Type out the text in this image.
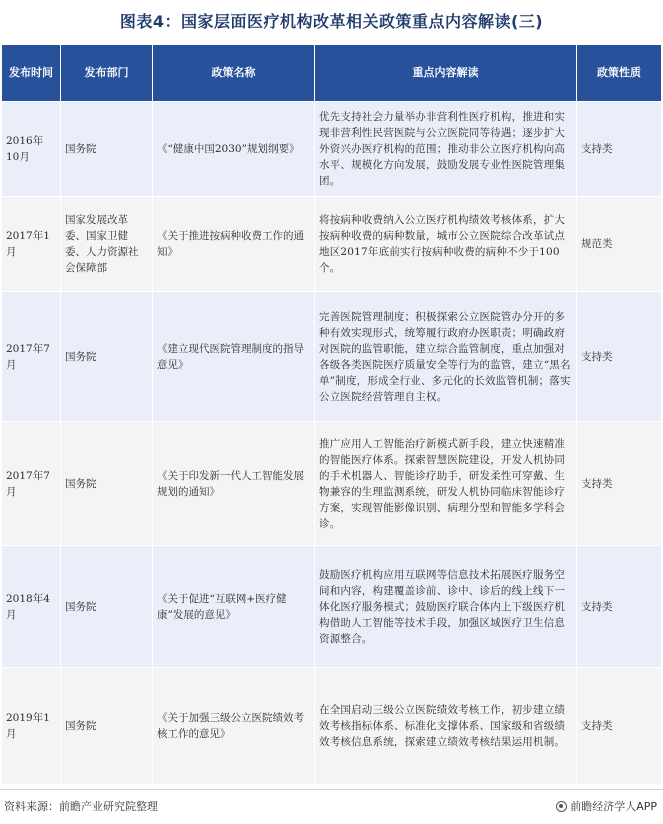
图表4：国家层面医疗机构改革相关政策重点内容解读(三)
发布时间	发布部门	政策名称	重点内容解读	政策性质
2016年10月	国务院	《“健康中国2030”规划纲要》	优先支持社会力量举办非营利性医疗机构，推进和实现非营利性民营医院与公立医院同等待遇；逐步扩大外资兴办医疗机构的范围；推动非公立医疗机构向高水平、规模化方向发展，鼓励发展专业性医院管理集团。	支持类
2017年1月	国家发展改革委、国家卫健委、人力资源社会保障部	《关于推进按病种收费工作的通知》	将按病种收费纳入公立医疗机构绩效考核体系，扩大按病种收费的病种数量，城市公立医院综合改革试点地区2017年底前实行按病种收费的病种不少于100个。	规范类
2017年7月	国务院	《建立现代医院管理制度的指导意见》	完善医院管理制度；积极探索公立医院管办分开的多种有效实现形式，统筹履行政府办医职责；明确政府对医院的监管职能，建立综合监管制度，重点加强对各级各类医院医疗质量安全等行为的监管，建立“黑名单”制度，形成全行业、多元化的长效监管机制；落实公立医院经营管理自主权。	支持类
2017年7月	国务院	《关于印发新一代人工智能发展规划的通知》	推广应用人工智能治疗新模式新手段，建立快速精准的智能医疗体系。探索智慧医院建设，开发人机协同的手术机器人、智能诊疗助手，研发柔性可穿戴、生物兼容的生理监测系统，研发人机协同临床智能诊疗方案，实现智能影像识别、病理分型和智能多学科会诊。	支持类
2018年4月	国务院	《关于促进“互联网+医疗健康”发展的意见》	鼓励医疗机构应用互联网等信息技术拓展医疗服务空间和内容，构建覆盖诊前、诊中、诊后的线上线下一体化医疗服务模式；鼓励医疗联合体内上下级医疗机构借助人工智能等技术手段，加强区域医疗卫生信息资源整合。	支持类
2019年1月	国务院	《关于加强三级公立医院绩效考核工作的意见》	在全国启动三级公立医院绩效考核工作，初步建立绩效考核指标体系、标准化支撑体系、国家级和省级绩效考核信息系统，探索建立绩效考核结果运用机制。	支持类
资料来源：前瞻产业研究院整理	前瞻经济学人APP
